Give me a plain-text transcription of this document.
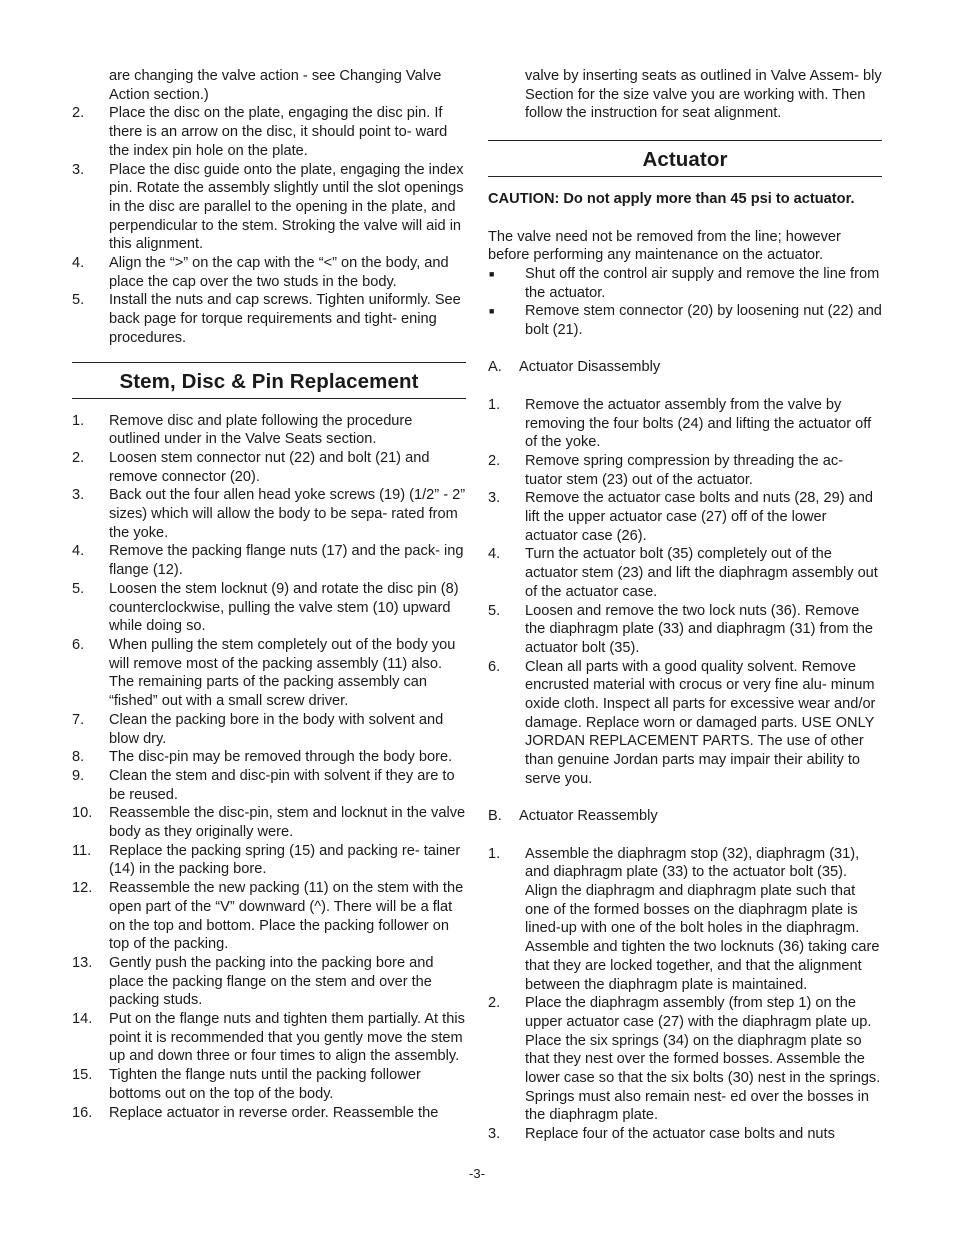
are changing the valve action - see Changing Valve Action section.)
2. Place the disc on the plate, engaging the disc pin. If there is an arrow on the disc, it should point to- ward the index pin hole on the plate.
3. Place the disc guide onto the plate, engaging the index pin. Rotate the assembly slightly until the slot openings in the disc are parallel to the opening in the plate, and perpendicular to the stem. Stroking the valve will aid in this alignment.
4. Align the “>” on the cap with the “<” on the body, and place the cap over the two studs in the body.
5. Install the nuts and cap screws. Tighten uniformly. See back page for torque requirements and tight- ening procedures.
Stem, Disc & Pin Replacement
1. Remove disc and plate following the procedure outlined under in the Valve Seats section.
2. Loosen stem connector nut (22) and bolt (21) and remove connector (20).
3. Back out the four allen head yoke screws (19) (1/2” - 2” sizes) which will allow the body to be sepa- rated from the yoke.
4. Remove the packing flange nuts (17) and the pack- ing flange (12).
5. Loosen the stem locknut (9) and rotate the disc pin (8) counterclockwise, pulling the valve stem (10) upward while doing so.
6. When pulling the stem completely out of the body you will remove most of the packing assembly (11) also. The remaining parts of the packing assembly can “fished” out with a small screw driver.
7. Clean the packing bore in the body with solvent and blow dry.
8. The disc-pin may be removed through the body bore.
9. Clean the stem and disc-pin with solvent if they are to be reused.
10. Reassemble the disc-pin, stem and locknut in the valve body as they originally were.
11. Replace the packing spring (15) and packing re- tainer (14) in the packing bore.
12. Reassemble the new packing (11) on the stem with the open part of the “V” downward (^). There will be a flat on the top and bottom. Place the packing follower on top of the packing.
13. Gently push the packing into the packing bore and place the packing flange on the stem and over the packing studs.
14. Put on the flange nuts and tighten them partially. At this point it is recommended that you gently move the stem up and down three or four times to align the assembly.
15. Tighten the flange nuts until the packing follower bottoms out on the top of the body.
16. Replace actuator in reverse order. Reassemble the
valve by inserting seats as outlined in Valve Assem- bly Section for the size valve you are working with. Then follow the instruction for seat alignment.
Actuator
CAUTION: Do not apply more than 45 psi to actuator.
The valve need not be removed from the line; however before performing any maintenance on the actuator.
■ Shut off the control air supply and remove the line from the actuator.
■ Remove stem connector (20) by loosening nut (22) and bolt (21).
A. Actuator Disassembly
1. Remove the actuator assembly from the valve by removing the four bolts (24) and lifting the actuator off of the yoke.
2. Remove spring compression by threading the ac- tuator stem (23) out of the actuator.
3. Remove the actuator case bolts and nuts (28, 29) and lift the upper actuator case (27) off of the lower actuator case (26).
4. Turn the actuator bolt (35) completely out of the actuator stem (23) and lift the diaphragm assembly out of the actuator case.
5. Loosen and remove the two lock nuts (36). Remove the diaphragm plate (33) and diaphragm (31) from the actuator bolt (35).
6. Clean all parts with a good quality solvent. Remove encrusted material with crocus or very fine alu- minum oxide cloth. Inspect all parts for excessive wear and/or damage. Replace worn or damaged parts. USE ONLY JORDAN REPLACEMENT PARTS. The use of other than genuine Jordan parts may impair their ability to serve you.
B. Actuator Reassembly
1. Assemble the diaphragm stop (32), diaphragm (31), and diaphragm plate (33) to the actuator bolt (35). Align the diaphragm and diaphragm plate such that one of the formed bosses on the diaphragm plate is lined-up with one of the bolt holes in the diaphragm. Assemble and tighten the two locknuts (36) taking care that they are locked together, and that the alignment between the diaphragm plate is maintained.
2. Place the diaphragm assembly (from step 1) on the upper actuator case (27) with the diaphragm plate up. Place the six springs (34) on the diaphragm plate so that they nest over the formed bosses. Assemble the lower case so that the six bolts (30) nest in the springs. Springs must also remain nest- ed over the bosses in the diaphragm plate.
3. Replace four of the actuator case bolts and nuts
-3-
